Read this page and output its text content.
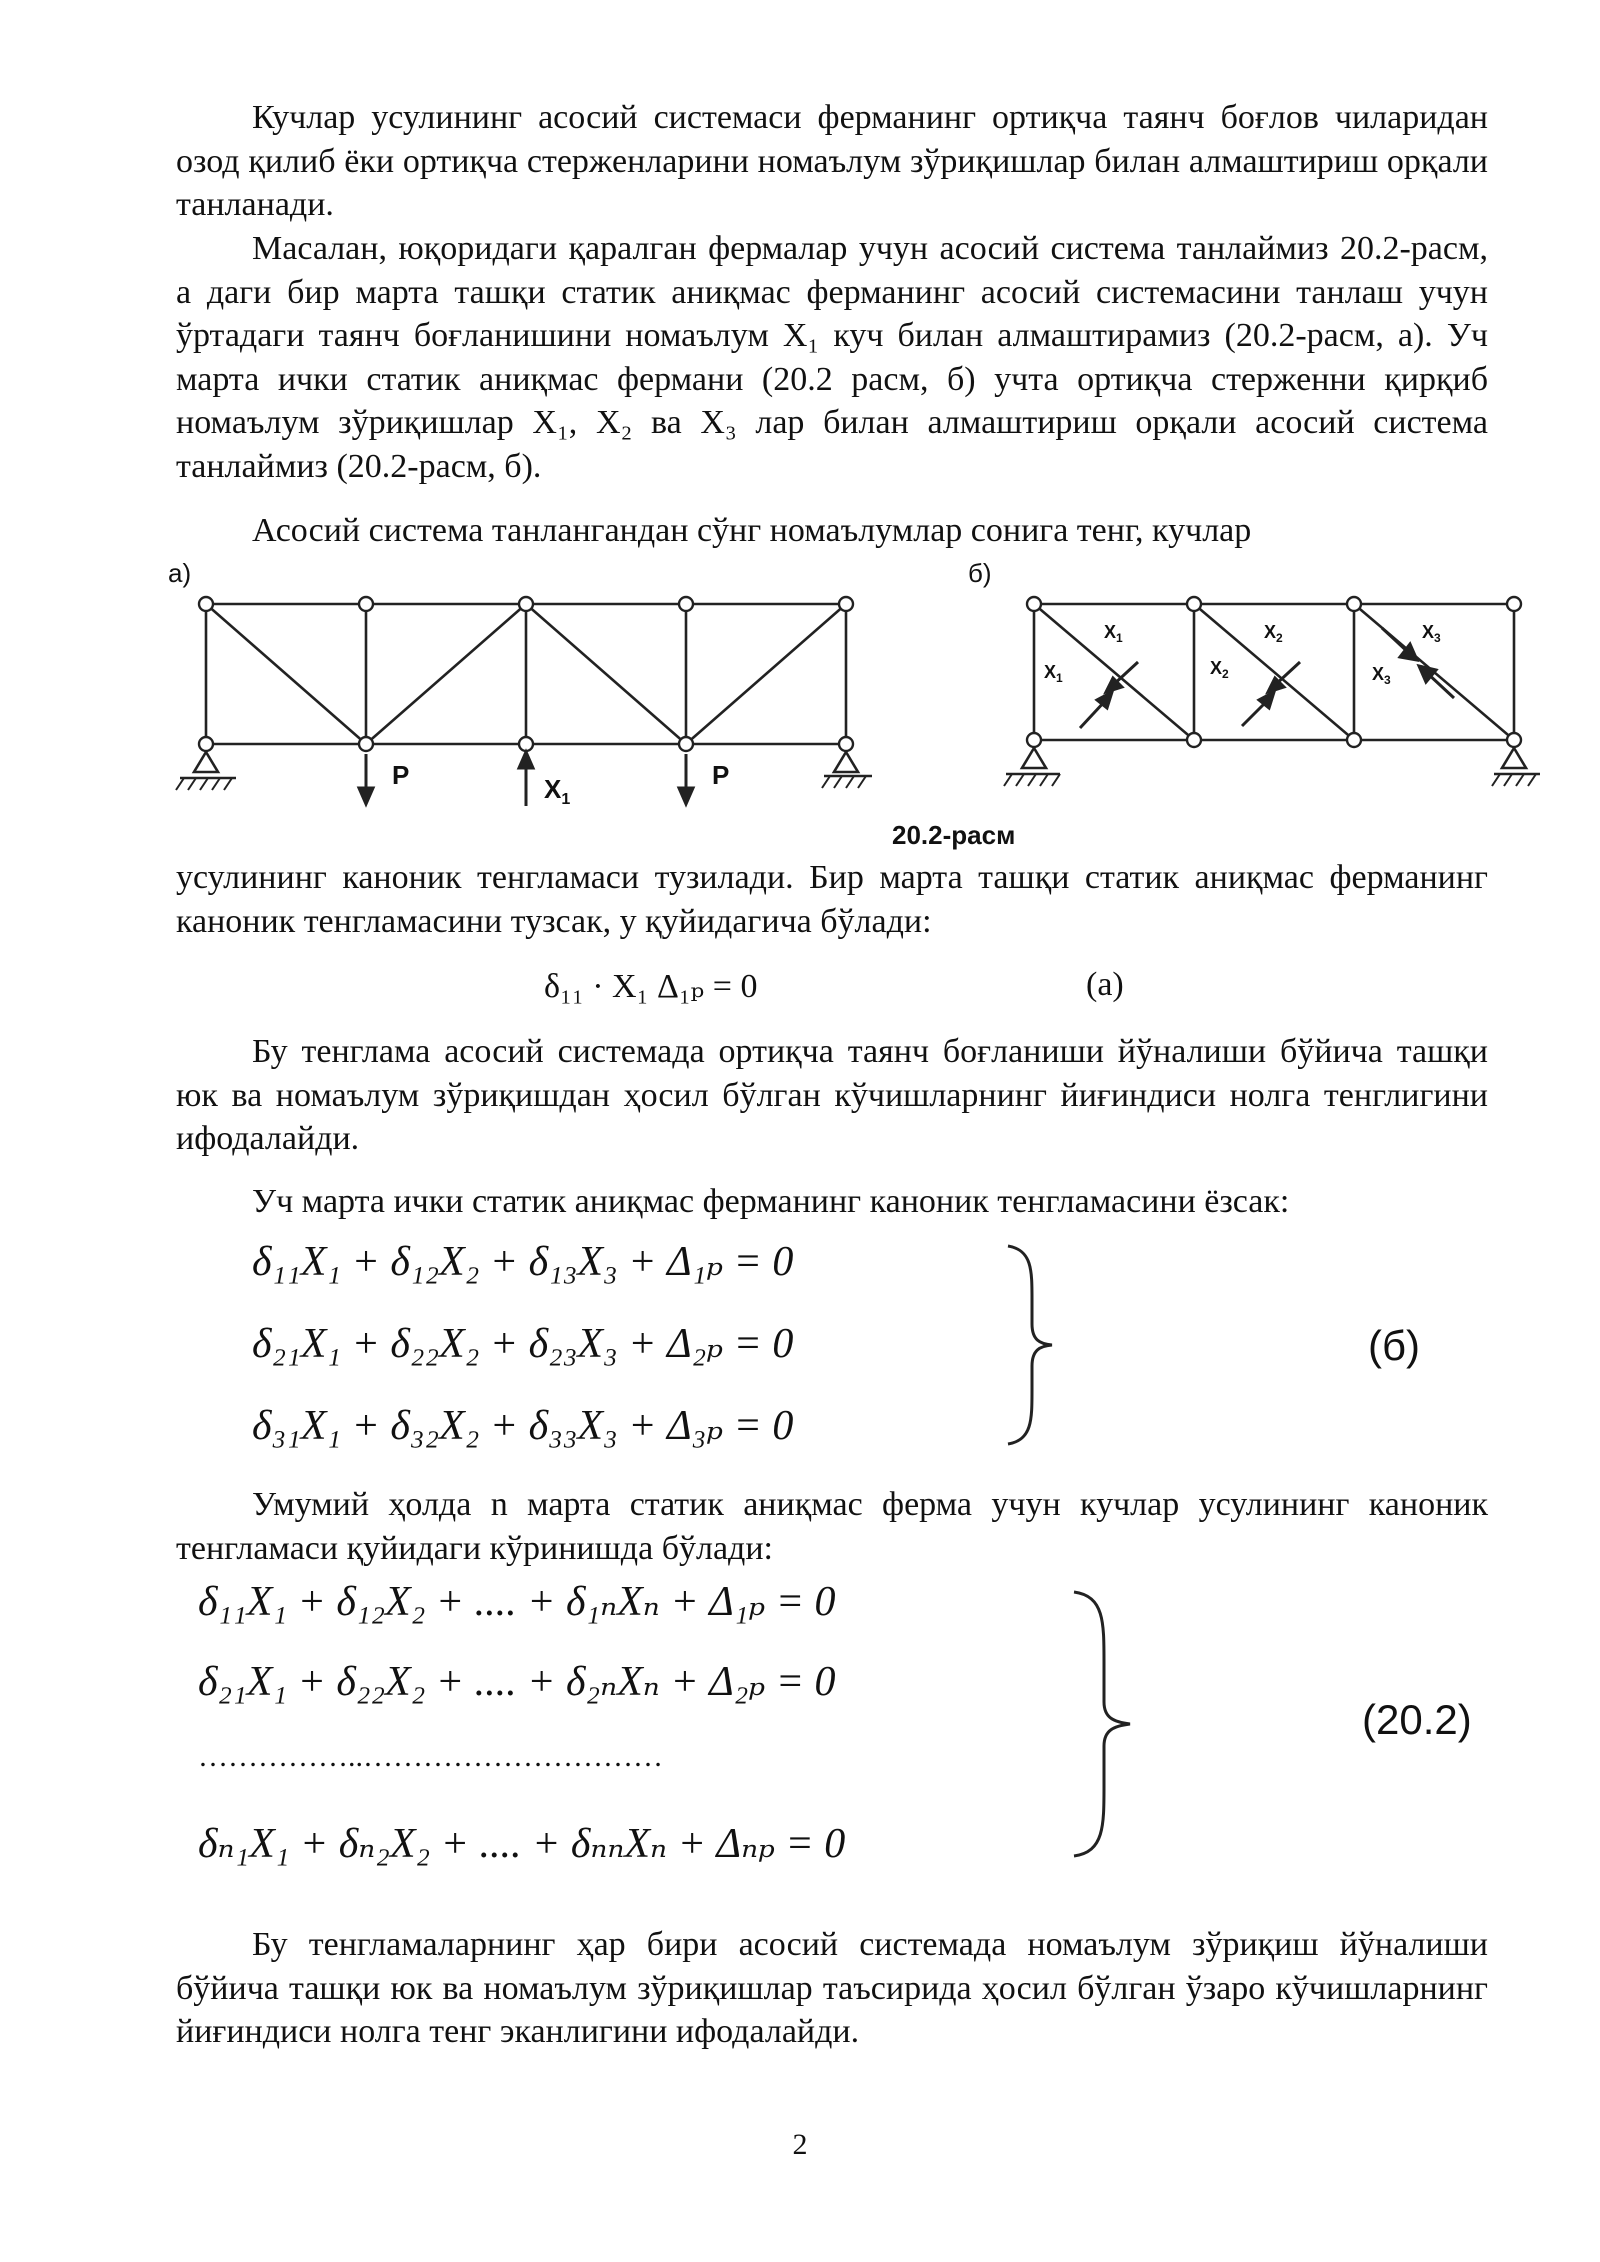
Кучлар усулининг асосий системаси ферманинг ортиқча таянч боғлов чиларидан озод қилиб ёки ортиқча стерженларини номаълум зўриқишлар билан алмаштириш орқали танланади.
Масалан, юқоридаги қаралган фермалар учун асосий система танлаймиз 20.2-расм, а даги бир марта ташқи статик аниқмас ферманинг асосий системасини танлаш учун ўртадаги таянч боғланишини номаълум X₁ куч билан алмаштирамиз (20.2-расм, а). Уч марта ички статик аниқмас фермани (20.2 расм, б) учта ортиқча стерженни қирқиб номаълум зўриқишлар X₁, X₂ ва X₃ лар билан алмаштириш орқали асосий система танлаймиз (20.2-расм, б).
Асосий система танлангандан сўнг номаълумлар сонига тенг, кучлар
а)	б)
P	P
$X_1$
$X_1$
$X_1$
$X_2$
$X_2$
$X_3$
$X_3$
20.2-расм
усулининг каноник тенгламаси тузилади. Бир марта ташқи статик аниқмас ферманинг каноник тенгламасини тузсак, у қуйидагича бўлади:
δ₁₁ · X₁ Δ₁ₚ = 0	(а)
Бу тенглама асосий системада ортиқча таянч боғланиши йўналиши бўйича ташқи юк ва номаълум зўриқишдан ҳосил бўлган кўчишларнинг йиғиндиси нолга тенглигини ифодалайди.
Уч марта ички статик аниқмас ферманинг каноник тенгламасини ёзсак:
δ₁₁X₁ + δ₁₂X₂ + δ₁₃X₃ + Δ₁ₚ = 0
δ₂₁X₁ + δ₂₂X₂ + δ₂₃X₃ + Δ₂ₚ = 0
δ₃₁X₁ + δ₃₂X₂ + δ₃₃X₃ + Δ₃ₚ = 0
(б)
Умумий ҳолда n марта статик аниқмас ферма учун кучлар усулининг каноник тенгламаси қуйидаги кўринишда бўлади:
δ₁₁X₁ + δ₁₂X₂ + .... + δ₁ₙXₙ + Δ₁ₚ = 0
δ₂₁X₁ + δ₂₂X₂ + .... + δ₂ₙXₙ + Δ₂ₚ = 0
……………..…………………………
δₙ₁X₁ + δₙ₂X₂ + .... + δₙₙXₙ + Δₙₚ = 0
(20.2)
Бу тенгламаларнинг ҳар бири асосий системада номаълум зўриқиш йўналиши бўйича ташқи юк ва номаълум зўриқишлар таъсирида ҳосил бўлган ўзаро кўчишларнинг йиғиндиси нолга тенг эканлигини ифодалайди.
2
